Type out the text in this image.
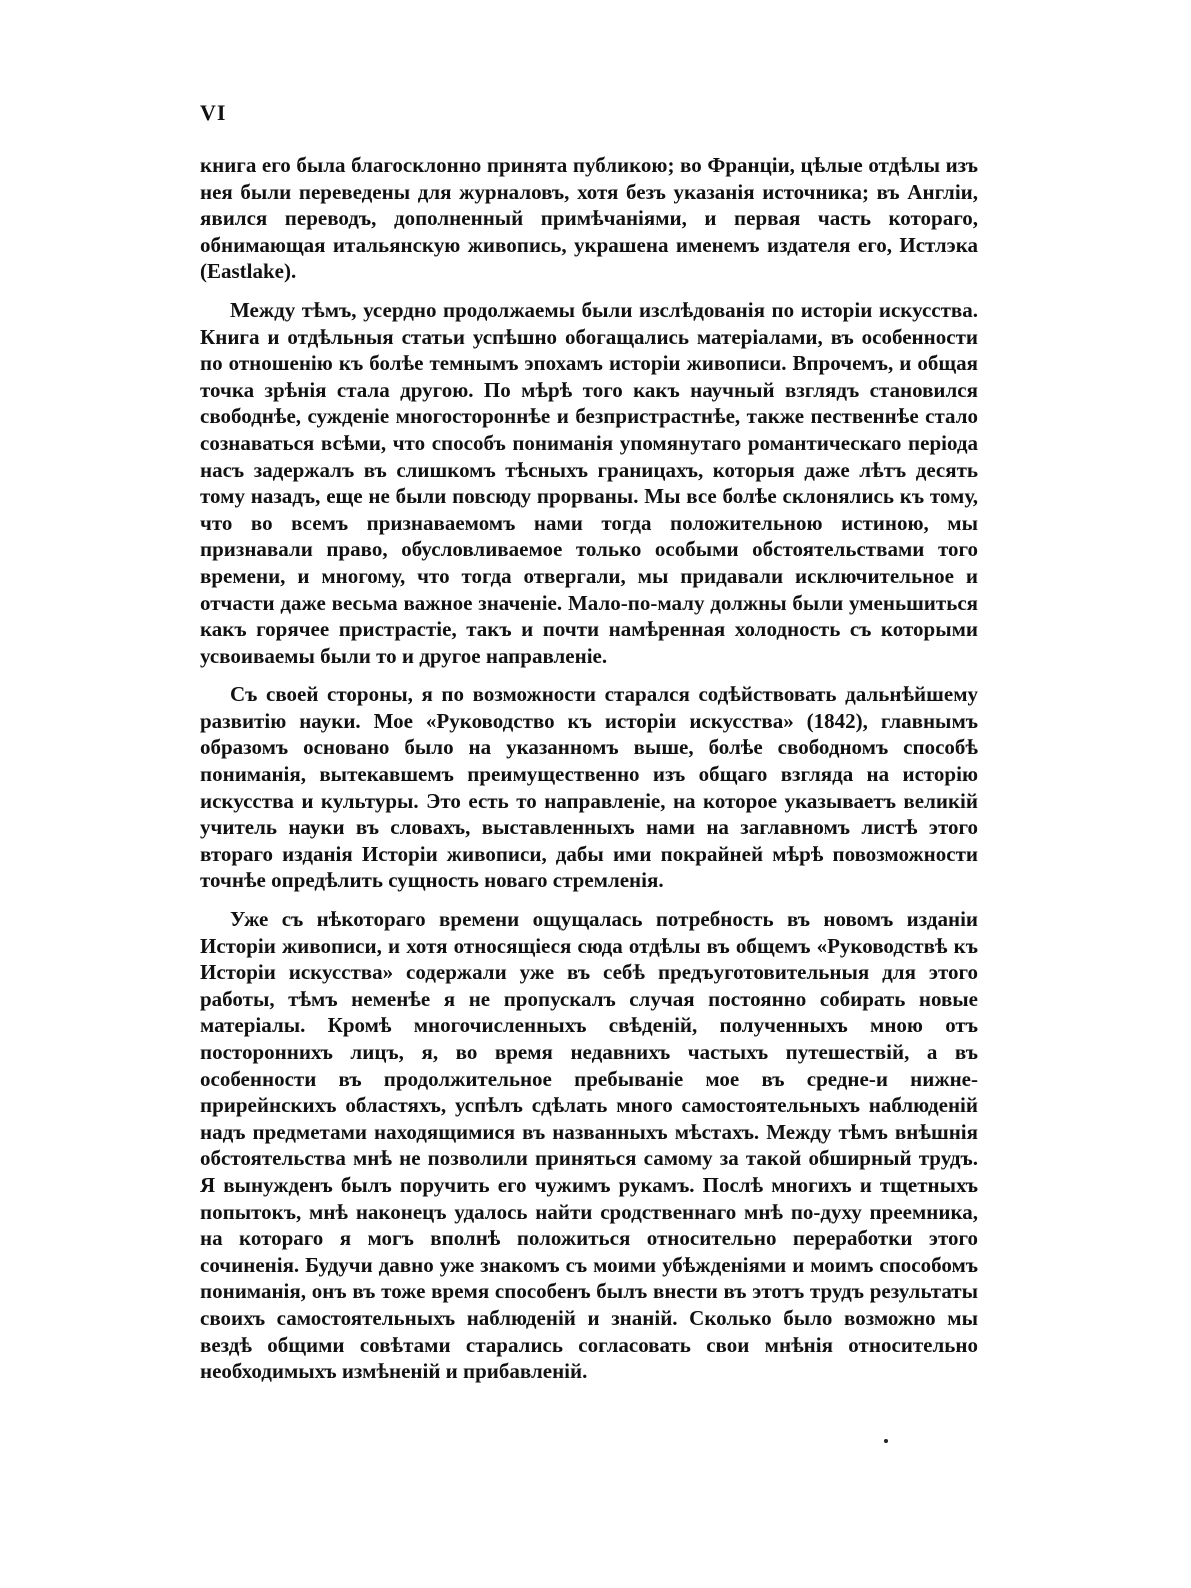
VI

книга его была благосклонно принята публикою; во Франціи, цѣлые отдѣлы изъ нея были переведены для журналовъ, хотя безъ указанія источника; въ Англіи, явился переводъ, дополненный примѣчаніями, и первая часть котораго, обнимающая итальянскую живопись, украшена именемъ издателя его, Истлэка (Eastlake).

Между тѣмъ, усердно продолжаемы были изслѣдованія по исторіи искусства. Книга и отдѣльныя статьи успѣшно обогащались матеріалами, въ особенности по отношенію къ болѣе темнымъ эпохамъ исторіи живописи. Впрочемъ, и общая точка зрѣнія стала другою. По мѣрѣ того какъ научный взглядъ становился свободнѣе, сужденіе многостороннѣе и безпристрастнѣе, также пественнѣе стало сознаваться всѣми, что способъ пониманія упомянутаго романтическаго періода насъ задержалъ въ слишкомъ тѣсныхъ границахъ, которыя даже лѣтъ десять тому назадъ, еще не были повсюду прорваны. Мы все болѣе склонялись къ тому, что во всемъ признаваемомъ нами тогда положительною истиною, мы признавали право, обусловливаемое только особыми обстоятельствами того времени, и многому, что тогда отвергали, мы придавали исключительное и отчасти даже весьма важное значеніе. Мало-по-малу должны были уменьшиться какъ горячее пристрастіе, такъ и почти намѣренная холодность съ которыми усвоиваемы были то и другое направленіе.

Съ своей стороны, я по возможности старался содѣйствовать дальнѣйшему развитію науки. Мое «Руководство къ исторіи искусства» (1842), главнымъ образомъ основано было на указанномъ выше, болѣе свободномъ способѣ пониманія, вытекавшемъ преимущественно изъ общаго взгляда на исторію искусства и культуры. Это есть то направленіе, на которое указываетъ великій учитель науки въ словахъ, выставленныхъ нами на заглавномъ листѣ этого втораго изданія Исторіи живописи, дабы ими покрайней мѣрѣ повозможности точнѣе опредѣлить сущность новаго стремленія.

Уже съ нѣкотораго времени ощущалась потребность въ новомъ изданіи Исторіи живописи, и хотя относящіеся сюда отдѣлы въ общемъ «Руководствѣ къ Исторіи искусства» содержали уже въ себѣ предъуготовительныя для этого работы, тѣмъ неменѣе я не пропускалъ случая постоянно собирать новые матеріалы. Кромѣ многочисленныхъ свѣденій, полученныхъ мною отъ постороннихъ лицъ, я, во время недавнихъ частыхъ путешествій, а въ особенности въ продолжительное пребываніе мое въ средне-и нижне-прирейнскихъ областяхъ, успѣлъ сдѣлать много самостоятельныхъ наблюденій надъ предметами находящимися въ названныхъ мѣстахъ. Между тѣмъ внѣшнія обстоятельства мнѣ не позволили приняться самому за такой обширный трудъ. Я вынужденъ былъ поручить его чужимъ рукамъ. Послѣ многихъ и тщетныхъ попытокъ, мнѣ наконецъ удалось найти сродственнаго мнѣ по-духу преемника, на котораго я могъ вполнѣ положиться относительно переработки этого сочиненія. Будучи давно уже знакомъ съ моими убѣжденіями и моимъ способомъ пониманія, онъ въ тоже время способенъ былъ внести въ этотъ трудъ результаты своихъ самостоятельныхъ наблюденій и знаній. Сколько было возможно мы вездѣ общими совѣтами старались согласовать свои мнѣнія относительно необходимыхъ измѣненій и прибавленій.
